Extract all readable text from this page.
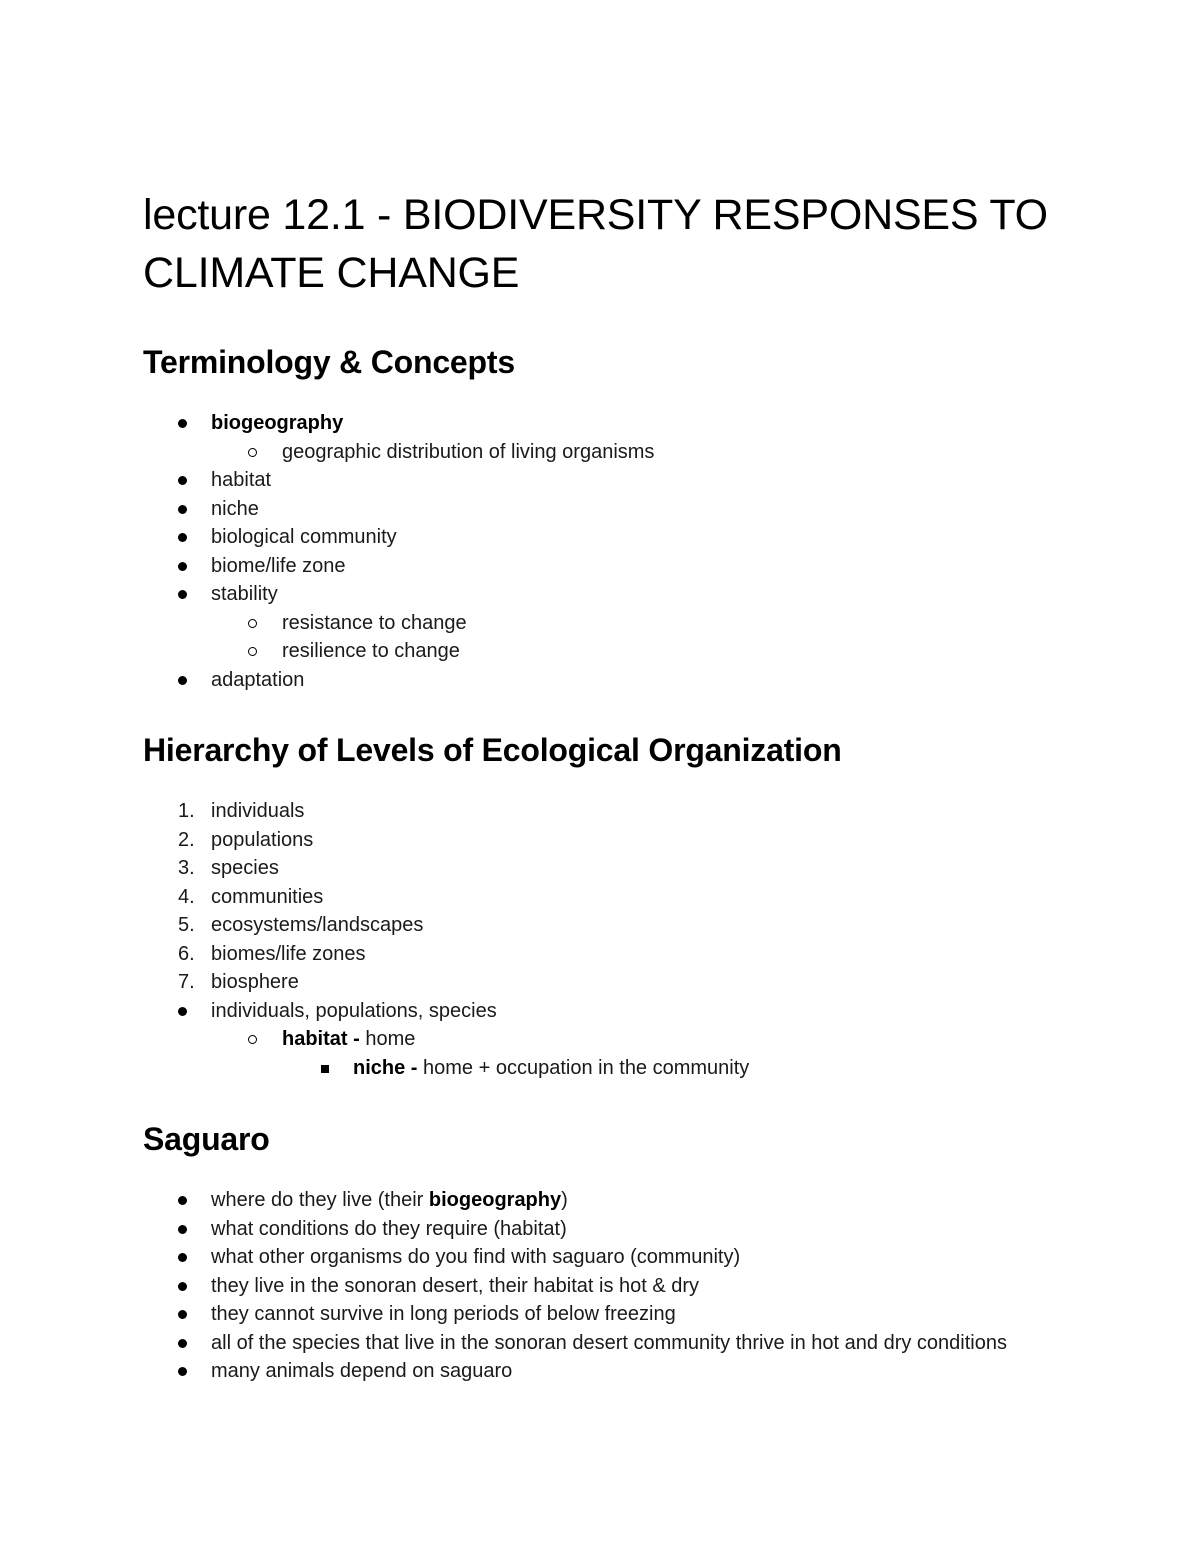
lecture 12.1 - BIODIVERSITY RESPONSES TO CLIMATE CHANGE
Terminology & Concepts
biogeography
geographic distribution of living organisms
habitat
niche
biological community
biome/life zone
stability
resistance to change
resilience to change
adaptation
Hierarchy of Levels of Ecological Organization
1. individuals
2. populations
3. species
4. communities
5. ecosystems/landscapes
6. biomes/life zones
7. biosphere
individuals, populations, species
habitat - home
niche - home + occupation in the community
Saguaro
where do they live (their biogeography)
what conditions do they require (habitat)
what other organisms do you find with saguaro (community)
they live in the sonoran desert, their habitat is hot & dry
they cannot survive in long periods of below freezing
all of the species that live in the sonoran desert community thrive in hot and dry conditions
many animals depend on saguaro
